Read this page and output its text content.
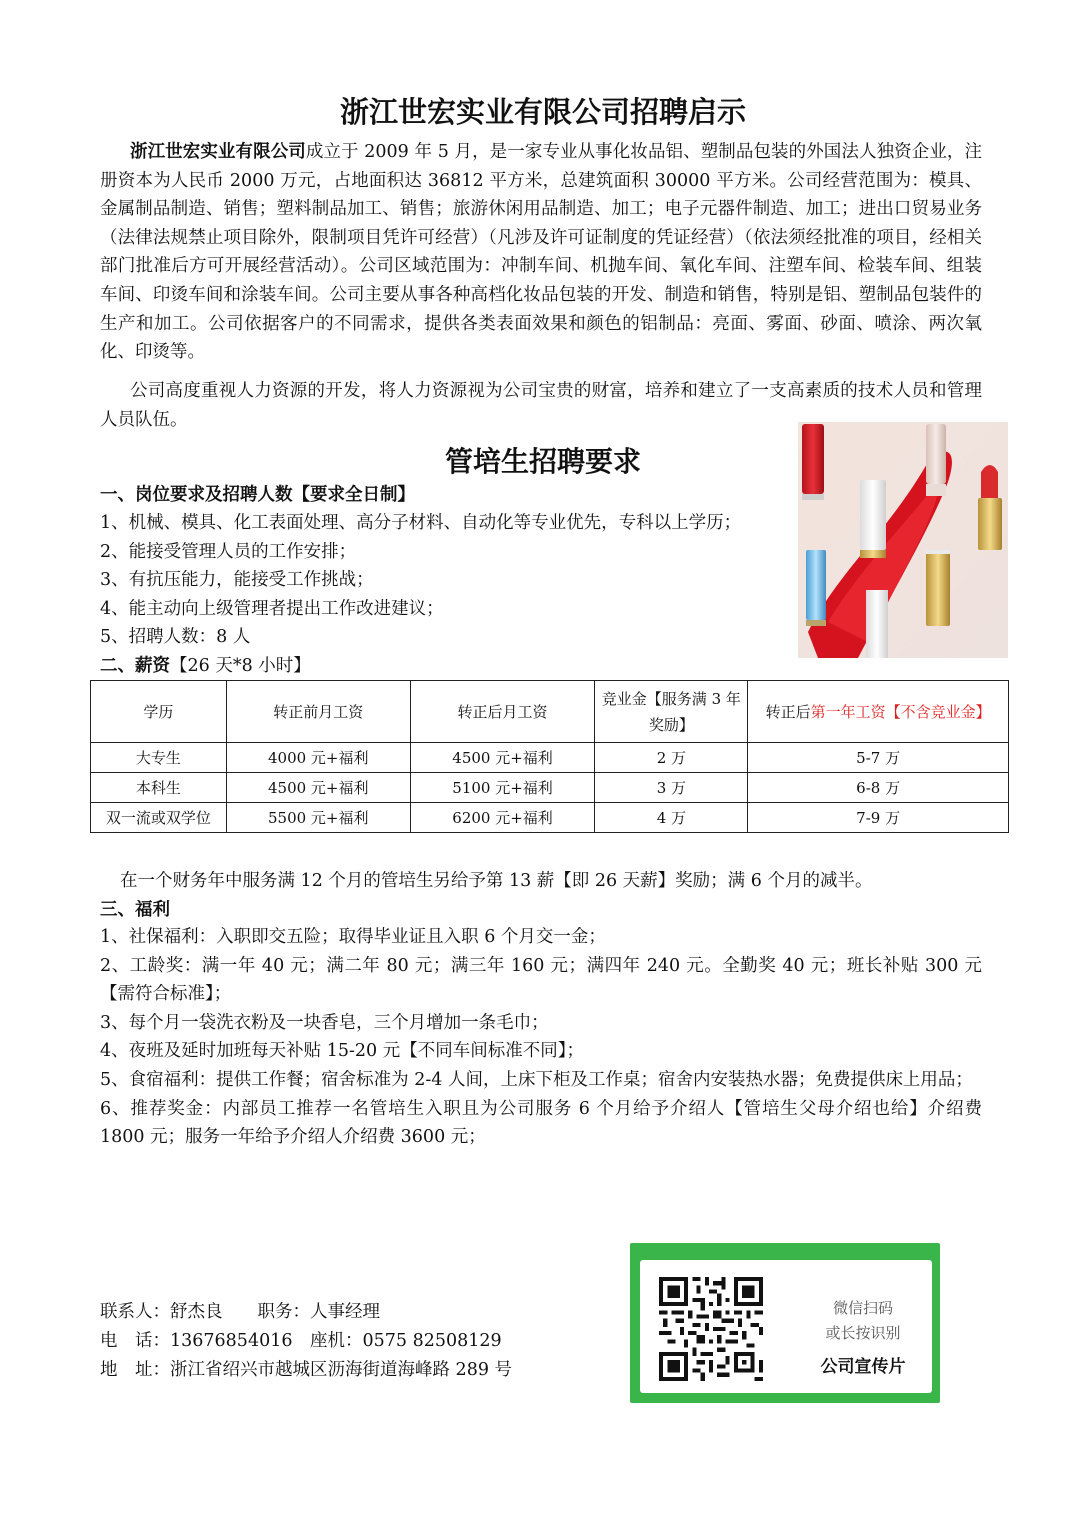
浙江世宏实业有限公司招聘启示

浙江世宏实业有限公司成立于 2009 年 5 月，是一家专业从事化妆品铝、塑制品包装的外国法人独资企业，注册资本为人民币 2000 万元，占地面积达 36812 平方米，总建筑面积 30000 平方米。公司经营范围为：模具、金属制品制造、销售；塑料制品加工、销售；旅游休闲用品制造、加工；电子元器件制造、加工；进出口贸易业务（法律法规禁止项目除外，限制项目凭许可经营）（凡涉及许可证制度的凭证经营）（依法须经批准的项目，经相关部门批准后方可开展经营活动）。公司区域范围为：冲制车间、机抛车间、氧化车间、注塑车间、检装车间、组装车间、印烫车间和涂装车间。公司主要从事各种高档化妆品包装的开发、制造和销售，特别是铝、塑制品包装件的生产和加工。公司依据客户的不同需求，提供各类表面效果和颜色的铝制品：亮面、雾面、砂面、喷涂、两次氧化、印烫等。

公司高度重视人力资源的开发，将人力资源视为公司宝贵的财富，培养和建立了一支高素质的技术人员和管理人员队伍。

管培生招聘要求
一、岗位要求及招聘人数【要求全日制】
1、机械、模具、化工表面处理、高分子材料、自动化等专业优先，专科以上学历；
2、能接受管理人员的工作安排；
3、有抗压能力，能接受工作挑战；
4、能主动向上级管理者提出工作改进建议；
5、招聘人数：8 人
二、薪资【26 天*8 小时】
学历	转正前月工资	转正后月工资	竞业金【服务满 3 年奖励】	转正后第一年工资【不含竞业金】
大专生	4000 元+福利	4500 元+福利	2 万	5-7 万
本科生	4500 元+福利	5100 元+福利	3 万	6-8 万
双一流或双学位	5500 元+福利	6200 元+福利	4 万	7-9 万

在一个财务年中服务满 12 个月的管培生另给予第 13 薪【即 26 天薪】奖励；满 6 个月的减半。

三、福利
1、社保福利：入职即交五险；取得毕业证且入职 6 个月交一金；
2、工龄奖：满一年 40 元；满二年 80 元；满三年 160 元；满四年 240 元。全勤奖 40 元；班长补贴 300 元【需符合标准】；
3、每个月一袋洗衣粉及一块香皂，三个月增加一条毛巾；
4、夜班及延时加班每天补贴 15-20 元【不同车间标准不同】；
5、食宿福利：提供工作餐；宿舍标准为 2-4 人间，上床下柜及工作桌；宿舍内安装热水器；免费提供床上用品；
6、推荐奖金：内部员工推荐一名管培生入职且为公司服务 6 个月给予介绍人【管培生父母介绍也给】介绍费 1800 元；服务一年给予介绍人介绍费 3600 元；

联系人：舒杰良　　职务：人事经理

电　话：13676854016　座机：0575 82508129

地　址：浙江省绍兴市越城区沥海街道海峰路 289 号

微信扫码
或长按识别
公司宣传片
